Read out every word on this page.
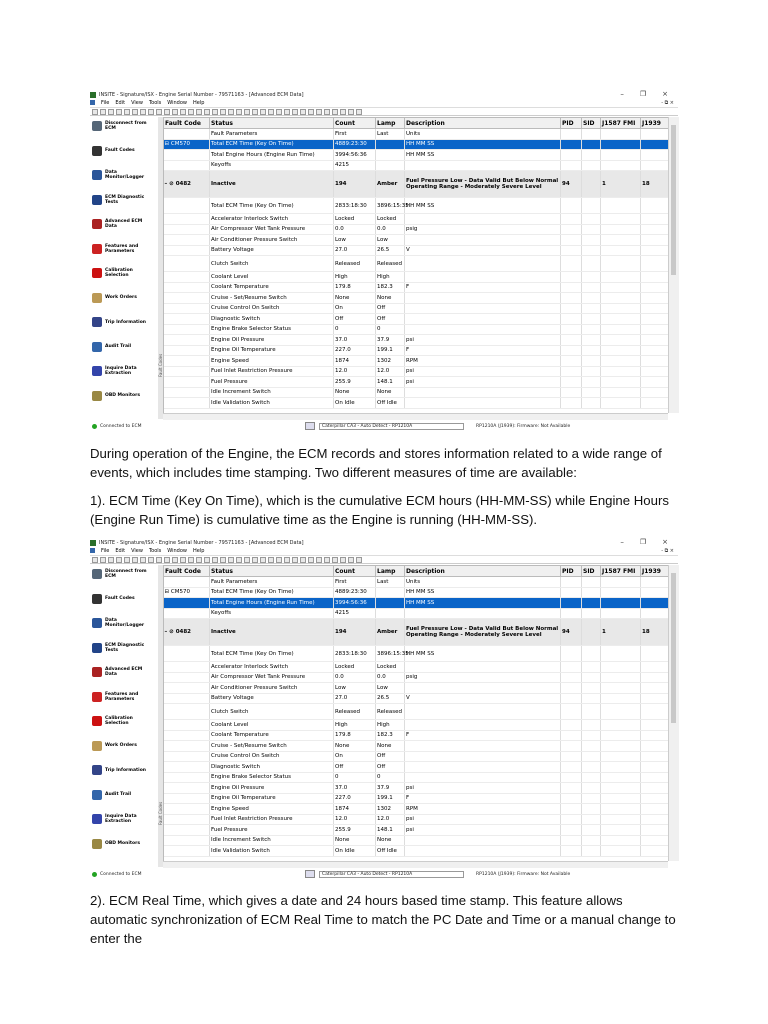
INSITE - Signature/ISX - Engine Serial Number - 79571163 - [Advanced ECM Data]	– ❐ ×
File Edit View Tools Window Help	- ⧉ ×
Disconnect from ECM
Fault Codes
Data Monitor/Logger
ECM Diagnostic Tests
Advanced ECM Data
Features and Parameters
Calibration Selection
Work Orders
Trip Information
Audit Trail
Inquire Data Extraction
OBD Monitors
Fault Codes
Fault Code	Status	Count	Lamp	Description	PID	SID	J1587 FMI	J1939
	Fault Parameters	First	Last	Units				
⊟ CM570	Total ECM Time (Key On Time)	4889:23:30		HH MM SS				
	Total Engine Hours (Engine Run Time)	3994:56:36		HH MM SS				
	Keyoffs	4215						
– ⊘ 0482	Inactive	194	Amber	Fuel Pressure Low - Data Valid But Below Normal Operating Range - Moderately Severe Level	94		1	18
	Total ECM Time (Key On Time)	2833:18:30	3896:15:35	HH MM SS				
	Accelerator Interlock Switch	Locked	Locked					
	Air Compressor Wet Tank Pressure	0.0	0.0	psig				
	Air Conditioner Pressure Switch	Low	Low					
	Battery Voltage	27.0	26.5	V				
	Clutch Switch	Released	Released					
	Coolant Level	High	High					
	Coolant Temperature	179.8	182.3	F				
	Cruise - Set/Resume Switch	None	None					
	Cruise Control On Switch	On	Off					
	Diagnostic Switch	Off	Off					
	Engine Brake Selector Status	0	0					
	Engine Oil Pressure	37.0	37.9	psi				
	Engine Oil Temperature	227.0	199.1	F				
	Engine Speed	1874	1302	RPM				
	Fuel Inlet Restriction Pressure	12.0	12.0	psi				
	Fuel Pressure	255.9	148.1	psi				
	Idle Increment Switch	None	None					
	Idle Validation Switch	On Idle	Off Idle					
Connected to ECM	Caterpillar CA3 - Auto Detect - RP1210A	RP1210A (J1939): Firmware: Not Available

During operation of the Engine, the ECM records and stores information related to a wide range of events, which includes time stamping. Two different measures of time are available:

1). ECM Time (Key On Time), which is the cumulative ECM hours (HH-MM-SS) while Engine Hours (Engine Run Time) is cumulative time as the Engine is running (HH-MM-SS).

INSITE - Signature/ISX - Engine Serial Number - 79571163 - [Advanced ECM Data]	– ❐ ×
File Edit View Tools Window Help	- ⧉ ×
Disconnect from ECM
Fault Codes
Data Monitor/Logger
ECM Diagnostic Tests
Advanced ECM Data
Features and Parameters
Calibration Selection
Work Orders
Trip Information
Audit Trail
Inquire Data Extraction
OBD Monitors
Fault Codes
Fault Code	Status	Count	Lamp	Description	PID	SID	J1587 FMI	J1939
	Fault Parameters	First	Last	Units				
⊟ CM570	Total ECM Time (Key On Time)	4889:23:30		HH MM SS				
	Total Engine Hours (Engine Run Time)	3994:56:36		HH MM SS				
	Keyoffs	4215						
– ⊘ 0482	Inactive	194	Amber	Fuel Pressure Low - Data Valid But Below Normal Operating Range - Moderately Severe Level	94		1	18
	Total ECM Time (Key On Time)	2833:18:30	3896:15:35	HH MM SS				
	Accelerator Interlock Switch	Locked	Locked					
	Air Compressor Wet Tank Pressure	0.0	0.0	psig				
	Air Conditioner Pressure Switch	Low	Low					
	Battery Voltage	27.0	26.5	V				
	Clutch Switch	Released	Released					
	Coolant Level	High	High					
	Coolant Temperature	179.8	182.3	F				
	Cruise - Set/Resume Switch	None	None					
	Cruise Control On Switch	On	Off					
	Diagnostic Switch	Off	Off					
	Engine Brake Selector Status	0	0					
	Engine Oil Pressure	37.0	37.9	psi				
	Engine Oil Temperature	227.0	199.1	F				
	Engine Speed	1874	1302	RPM				
	Fuel Inlet Restriction Pressure	12.0	12.0	psi				
	Fuel Pressure	255.9	148.1	psi				
	Idle Increment Switch	None	None					
	Idle Validation Switch	On Idle	Off Idle					
Connected to ECM	Caterpillar CA3 - Auto Detect - RP1210A	RP1210A (J1939): Firmware: Not Available

2). ECM Real Time, which gives a date and 24 hours based time stamp. This feature allows automatic synchronization of ECM Real Time to match the PC Date and Time or a manual change to enter the
